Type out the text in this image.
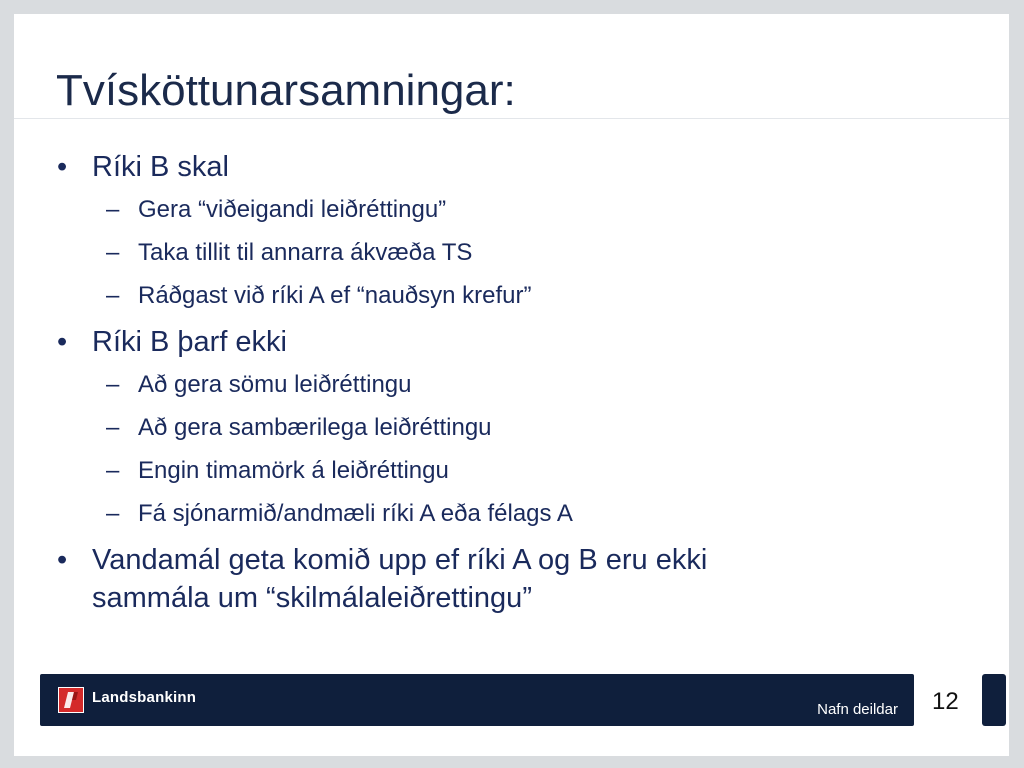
Tvísköttunarsamningar:
• Ríki B skal
– Gera “viðeigandi leiðréttingu”
– Taka tillit til annarra ákvæða TS
– Ráðgast við ríki A ef “nauðsyn krefur”
• Ríki B þarf ekki
– Að gera sömu leiðréttingu
– Að gera sambærilega leiðréttingu
– Engin timamörk á leiðréttingu
– Fá sjónarmið/andmæli ríki A eða félags A
• Vandamál geta komið upp ef ríki A og B eru ekki
sammála um “skilmálaleiðrettingu”
Landsbankinn
Nafn deildar 12
